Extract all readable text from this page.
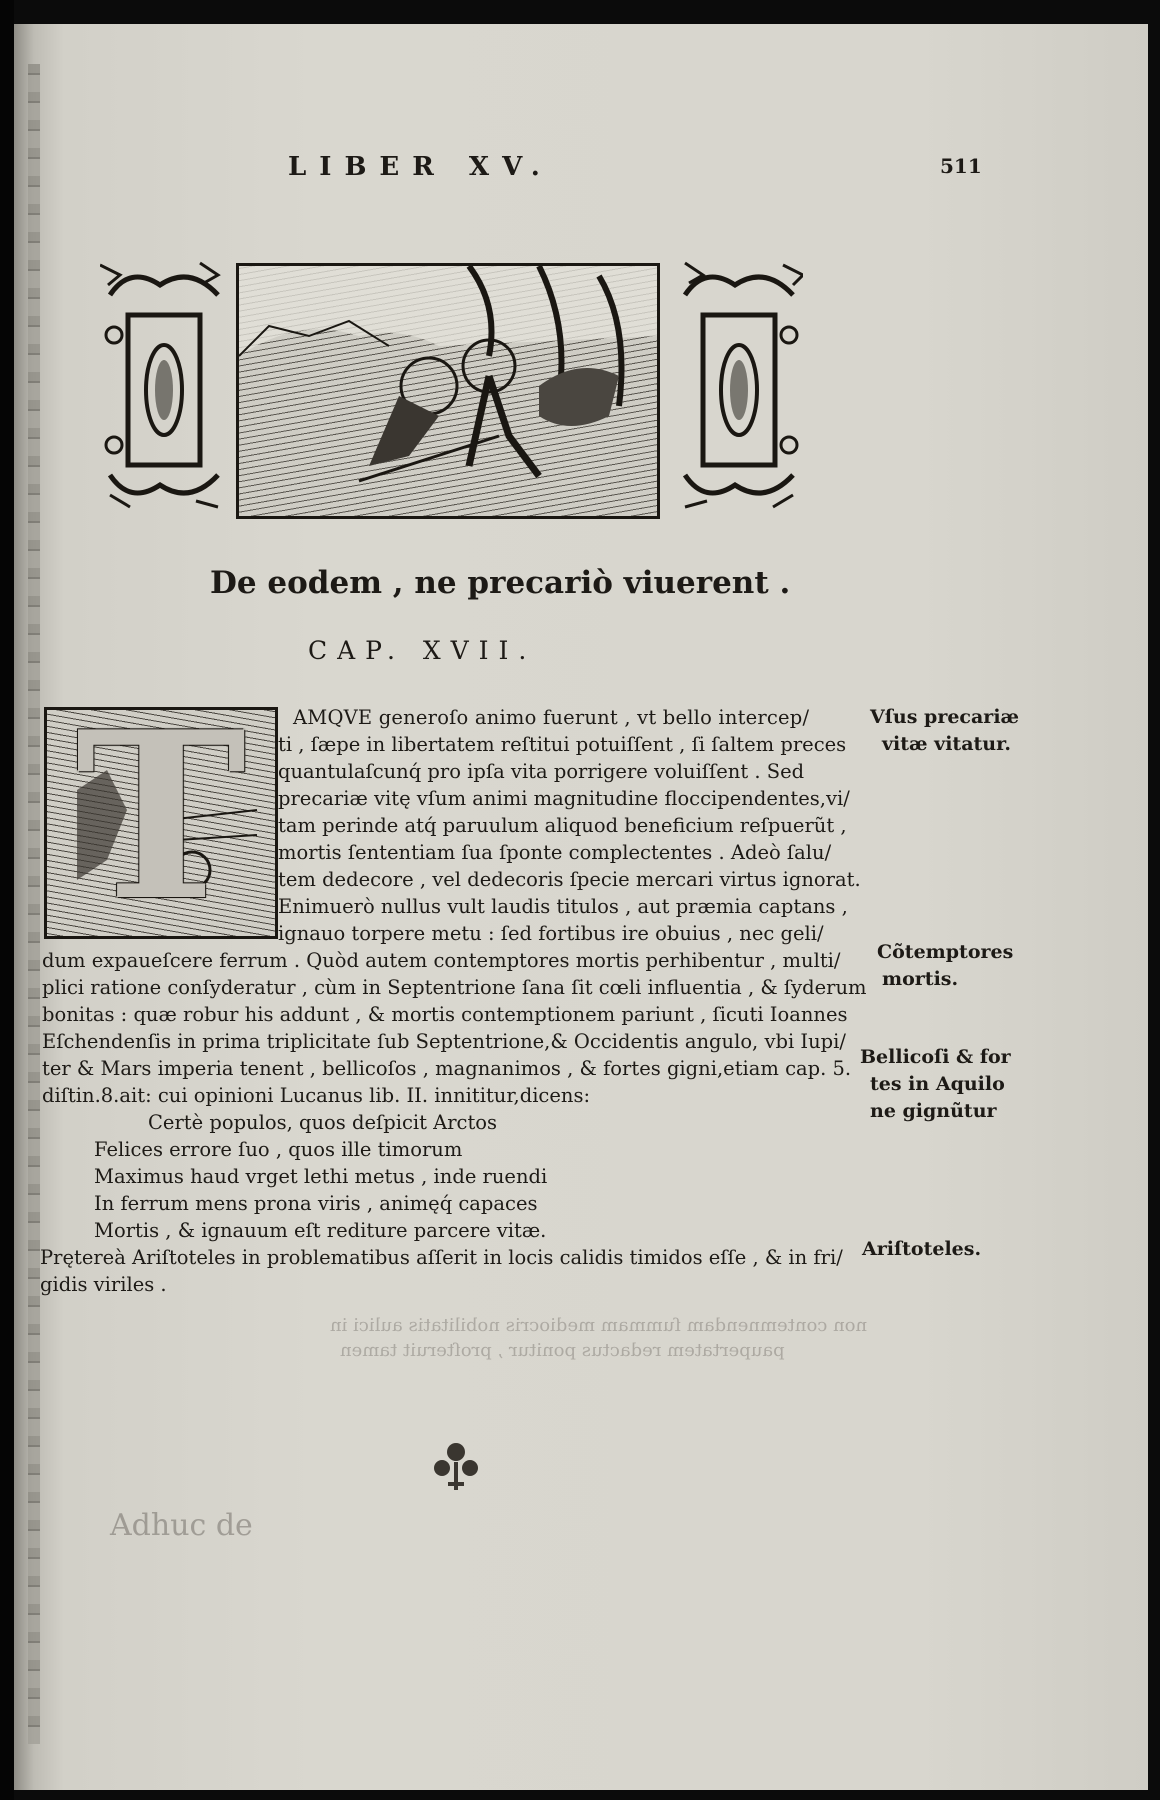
LIBER XV.	511
De eodem , ne precariò viuerent .
CAP. XVII.
T	AMQVE generoſo animo fuerunt , vt bello intercep/
ti , ſæpe in libertatem reſtitui potuiſſent , ſi ſaltem preces
quantulaſcunq́ pro ipſa vita porrigere voluiſſent . Sed
precariæ vitę vſum animi magnitudine floccipendentes,vi/
tam perinde atq́ paruulum aliquod beneficium reſpuerũt ,
mortis ſententiam ſua ſponte complectentes . Adeò ſalu/
tem dedecore , vel dedecoris ſpecie mercari virtus ignorat.
Enimuerò nullus vult laudis titulos , aut præmia captans ,
ignauo torpere metu : ſed fortibus ire obuius , nec geli/
dum expaueſcere ferrum . Quòd autem contemptores mortis perhibentur , multi/
plici ratione conſyderatur , cùm in Septentrione ſana ſit cœli influentia , & ſyderum
bonitas : quæ robur his addunt , & mortis contemptionem pariunt , ſicuti Ioannes
Eſchendenſis in prima triplicitate ſub Septentrione,& Occidentis angulo, vbi Iupi/
ter & Mars imperia tenent , bellicoſos , magnanimos , & fortes gigni,etiam cap. 5.
diſtin.8.ait: cui opinioni Lucanus lib. II. innititur,dicens:
Certè populos, quos deſpicit Arctos
Felices errore ſuo , quos ille timorum
Maximus haud vrget lethi metus , inde ruendi
In ferrum mens prona viris , animęq́ capaces
Mortis , & ignauum eſt rediture parcere vitæ.
Prętereà Ariſtoteles in problematibus aſſerit in locis calidis timidos eſſe , & in fri/
gidis viriles .
Vſus precariæ
vitæ vitatur.
Cõtemptores
mortis.
Bellicoſi & for
tes in Aquilo
ne gignũtur
Ariſtoteles.
non contemnendam ſummam mediocris nobilitatis aulici in
paupertatem redactus ponitur , proſteruit tamen
Adhuc de
